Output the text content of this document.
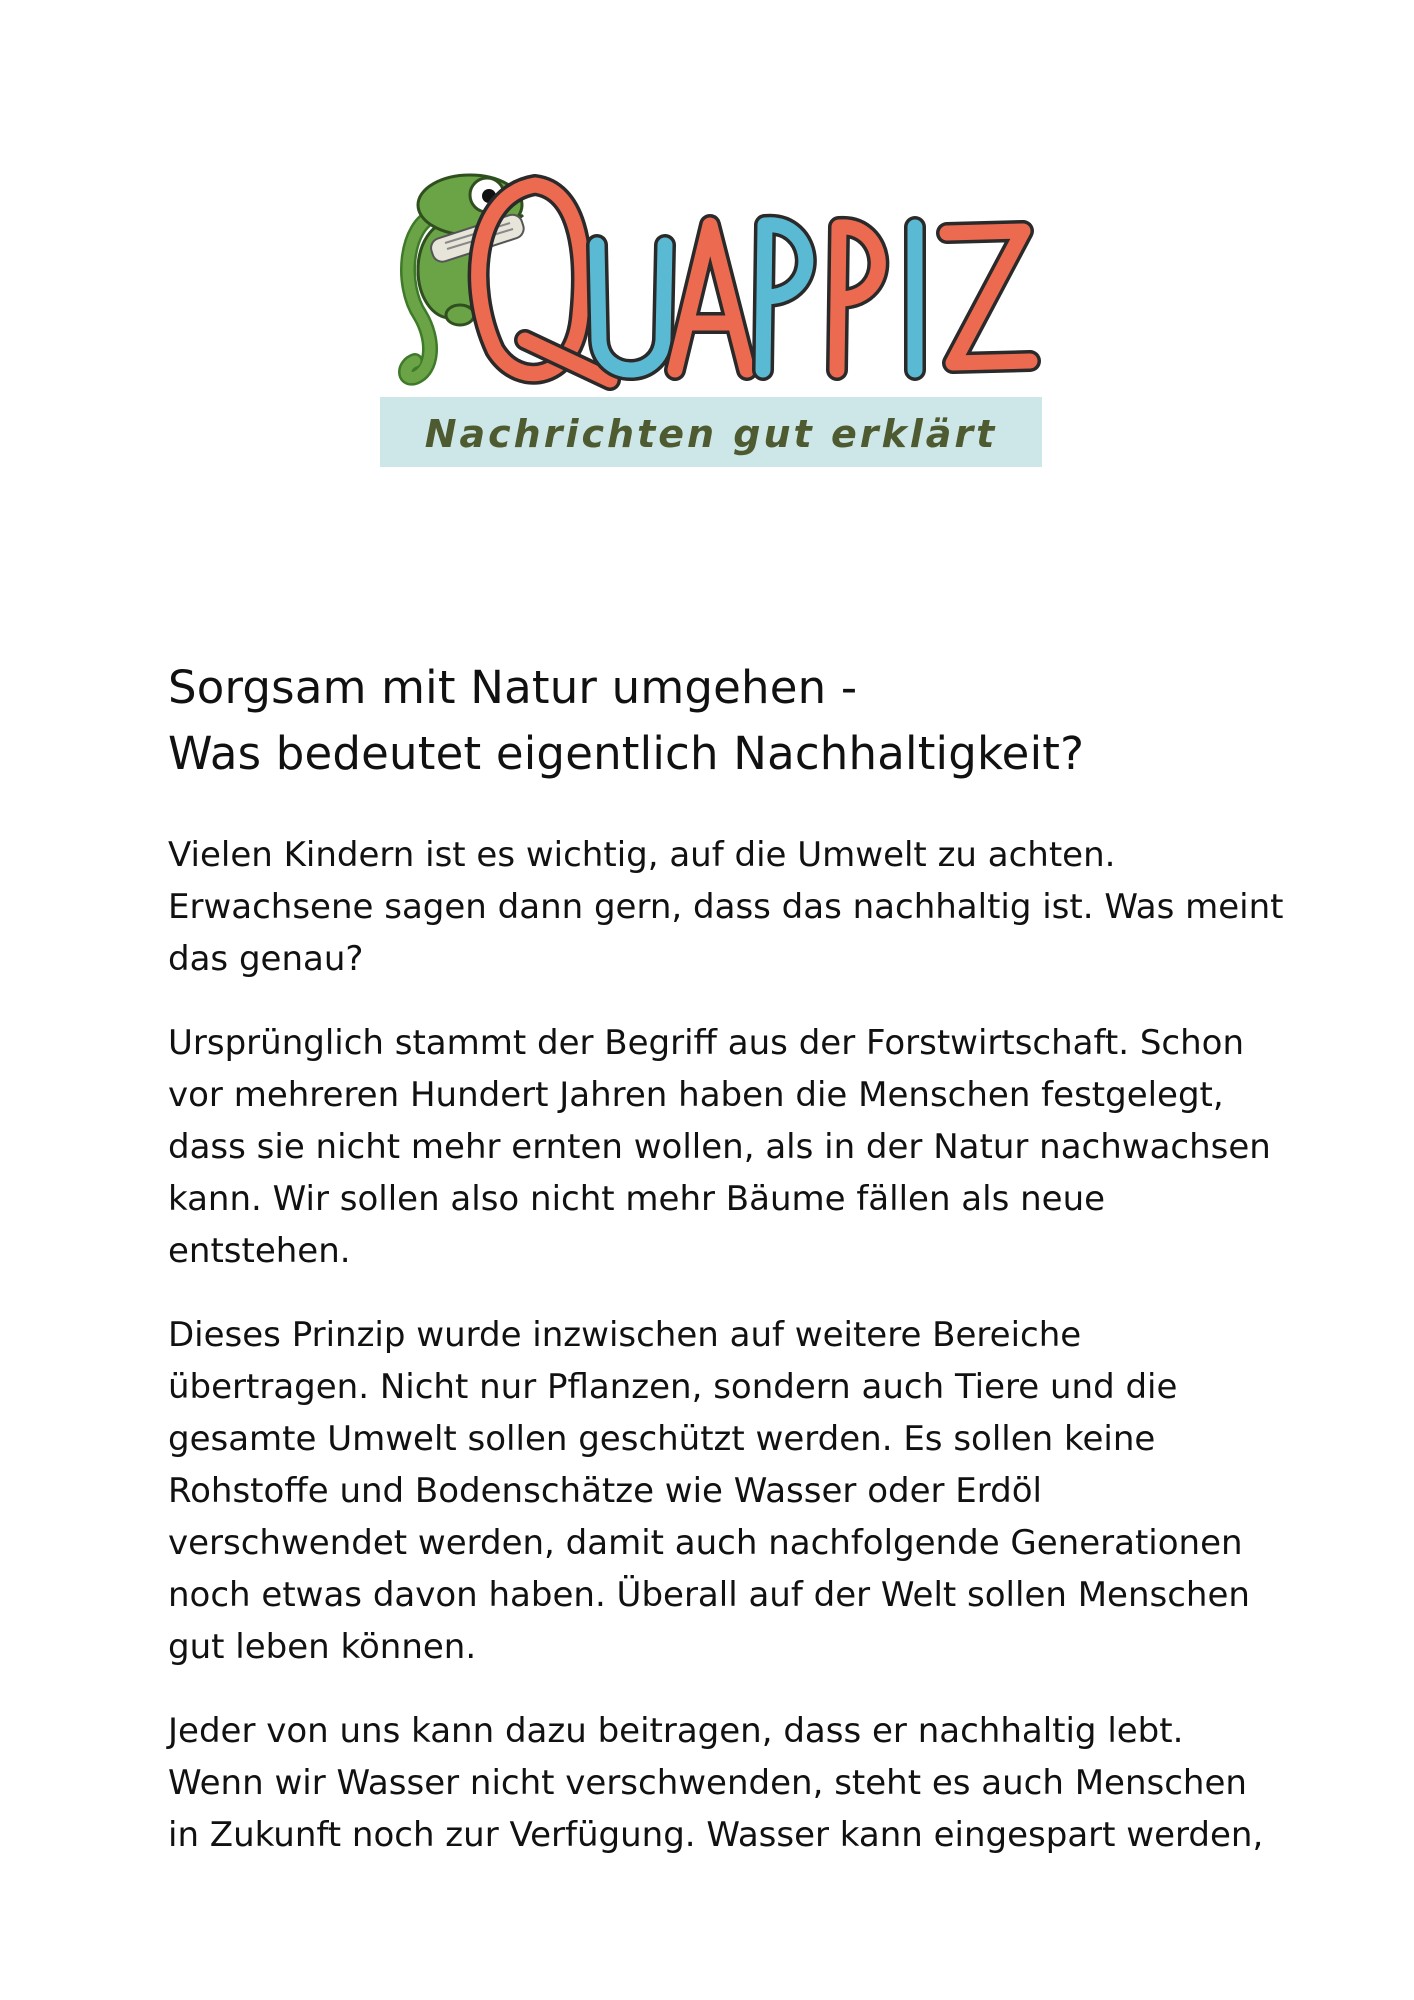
Nachrichten gut erklärt
Sorgsam mit Natur umgehen -
Was bedeutet eigentlich Nachhaltigkeit?

Vielen Kindern ist es wichtig, auf die Umwelt zu achten. Erwachsene sagen dann gern, dass das nachhaltig ist. Was meint das genau?

Ursprünglich stammt der Begriff aus der Forstwirtschaft. Schon vor mehreren Hundert Jahren haben die Menschen festgelegt, dass sie nicht mehr ernten wollen, als in der Natur nachwachsen kann. Wir sollen also nicht mehr Bäume fällen als neue entstehen.

Dieses Prinzip wurde inzwischen auf weitere Bereiche übertragen. Nicht nur Pflanzen, sondern auch Tiere und die gesamte Umwelt sollen geschützt werden. Es sollen keine Rohstoffe und Bodenschätze wie Wasser oder Erdöl verschwendet werden, damit auch nachfolgende Generationen noch etwas davon haben. Überall auf der Welt sollen Menschen gut leben können.

Jeder von uns kann dazu beitragen, dass er nachhaltig lebt. Wenn wir Wasser nicht verschwenden, steht es auch Menschen in Zukunft noch zur Verfügung. Wasser kann eingespart werden,
